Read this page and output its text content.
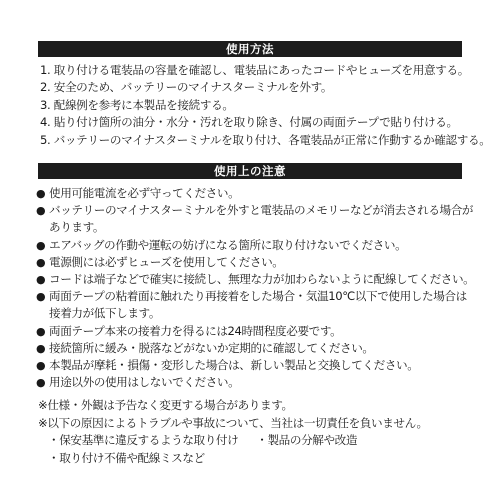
使用方法
1. 取り付ける電装品の容量を確認し、電装品にあったコードやヒューズを用意する。
2. 安全のため、バッテリーのマイナスターミナルを外す。
3. 配線例を参考に本製品を接続する。
4. 貼り付け箇所の油分・水分・汚れを取り除き、付属の両面テープで貼り付ける。
5. バッテリーのマイナスターミナルを取り付け、各電装品が正常に作動するか確認する。
使用上の注意
● 使用可能電流を必ず守ってください。
● バッテリーのマイナスターミナルを外すと電装品のメモリーなどが消去される場合が
あります。
● エアバッグの作動や運転の妨げになる箇所に取り付けないでください。
● 電源側には必ずヒューズを使用してください。
● コードは端子などで確実に接続し、無理な力が加わらないように配線してください。
● 両面テープの粘着面に触れたり再接着をした場合・気温10℃以下で使用した場合は
接着力が低下します。
● 両面テープ本来の接着力を得るには24時間程度必要です。
● 接続箇所に緩み・脱落などがないか定期的に確認してください。
● 本製品が摩耗・損傷・変形した場合は、新しい製品と交換してください。
● 用途以外の使用はしないでください。
※仕様・外観は予告なく変更する場合があります。
※以下の原因によるトラブルや事故について、当社は一切責任を負いません。
・保安基準に違反するような取り付け ・製品の分解や改造
・取り付け不備や配線ミスなど
